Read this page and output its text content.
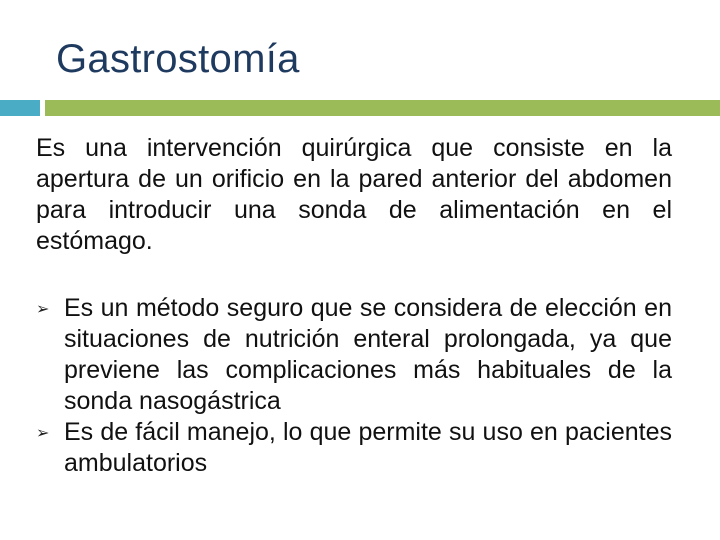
Gastrostomía

Es una intervención quirúrgica que consiste en la apertura de un orificio en la pared anterior del abdomen para introducir una sonda de alimentación en el estómago.

➢ Es un método seguro que se considera de elección en situaciones de nutrición enteral prolongada, ya que previene las complicaciones más habituales de la sonda nasogástrica
➢ Es de fácil manejo, lo que permite su uso en pacientes ambulatorios
